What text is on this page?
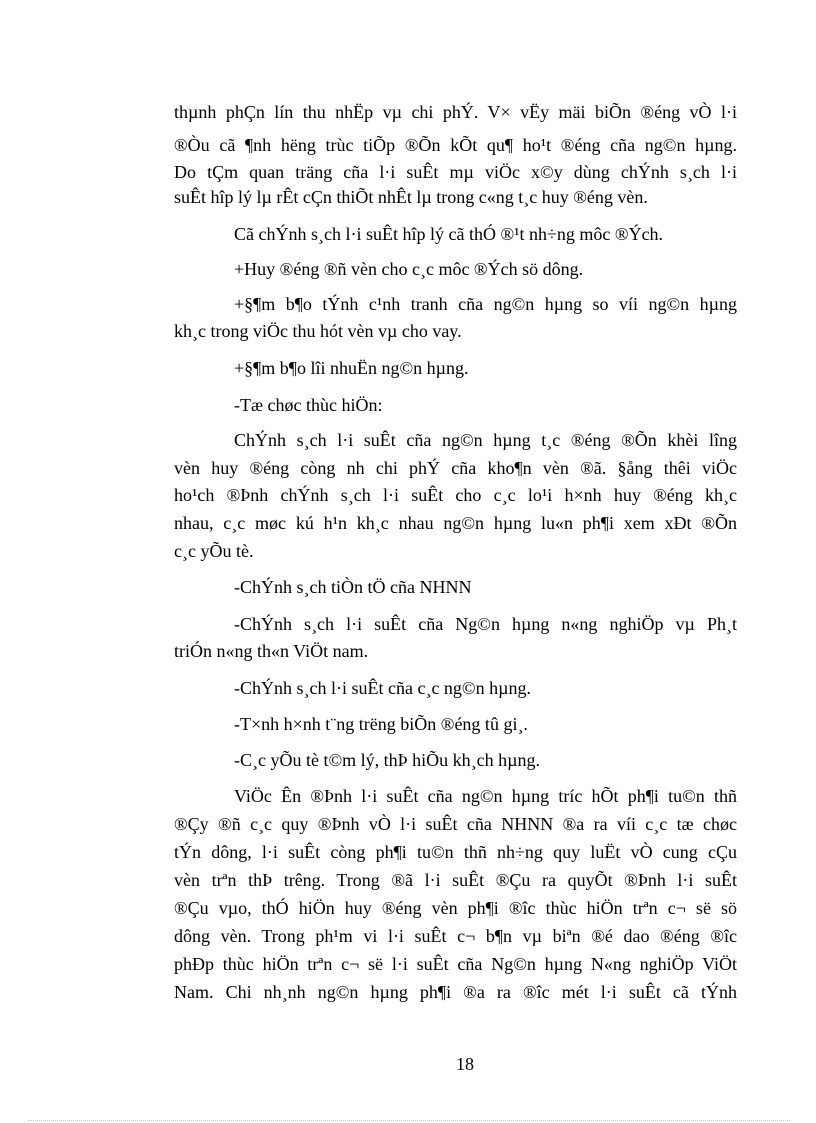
thµnh phÇn lín thu nhËp vµ chi phÝ. V× vËy mäi biÕn ®éng vÒ l·i
®Òu cã ¶nh hëng trùc tiÕp ®Õn kÕt qu¶ ho¹t ®éng cña ng©n hµng.
Do tÇm quan träng cña l·i suÊt mµ viÖc x©y dùng chÝnh s¸ch l·i
suÊt hîp lý lµ rÊt cÇn thiÕt nhÊt lµ trong c«ng t¸c huy ®éng vèn.
Cã chÝnh s¸ch l·i suÊt hîp lý cã thÓ ®¹t nh÷ng môc ®Ých.
+Huy ®éng ®ñ vèn cho c¸c môc ®Ých sö dông.
+§¶m b¶o tÝnh c¹nh tranh cña ng©n hµng so víi ng©n hµng
kh¸c trong viÖc thu hót vèn vµ cho vay.
+§¶m b¶o lîi nhuËn ng©n hµng.
-Tæ chøc thùc hiÖn:
ChÝnh s¸ch l·i suÊt cña ng©n hµng t¸c ®éng ®Õn khèi lîng
vèn huy ®éng còng nh chi phÝ cña kho¶n vèn ®ã. §ång thêi viÖc
ho¹ch ®Þnh chÝnh s¸ch l·i suÊt cho c¸c lo¹i h×nh huy ®éng kh¸c
nhau, c¸c møc kú h¹n kh¸c nhau ng©n hµng lu«n ph¶i xem xÐt ®Õn
c¸c yÕu tè.
-ChÝnh s¸ch tiÒn tÖ cña NHNN
-ChÝnh s¸ch l·i suÊt cña Ng©n hµng n«ng nghiÖp vµ Ph¸t
triÓn n«ng th«n ViÖt nam.
-ChÝnh s¸ch l·i suÊt cña c¸c ng©n hµng.
-T×nh h×nh t¨ng trëng biÕn ®éng tû gi¸.
-C¸c yÕu tè t©m lý, thÞ hiÕu kh¸ch hµng.
ViÖc Ên ®Þnh l·i suÊt cña ng©n hµng tríc hÕt ph¶i tu©n thñ
®Çy ®ñ c¸c quy ®Þnh vÒ l·i suÊt cña NHNN ®a ra víi c¸c tæ chøc
tÝn dông, l·i suÊt còng ph¶i tu©n thñ nh÷ng quy luËt vÒ cung cÇu
vèn trªn thÞ trêng. Trong ®ã l·i suÊt ®Çu ra quyÕt ®Þnh l·i suÊt
®Çu vµo, thÓ hiÖn huy ®éng vèn ph¶i ®îc thùc hiÖn trªn c¬ së sö
dông vèn. Trong ph¹m vi l·i suÊt c¬ b¶n vµ biªn ®é dao ®éng ®îc
phÐp thùc hiÖn trªn c¬ së l·i suÊt cña Ng©n hµng N«ng nghiÖp ViÖt
Nam. Chi nh¸nh ng©n hµng ph¶i ®a ra ®îc mét l·i suÊt cã tÝnh
18
